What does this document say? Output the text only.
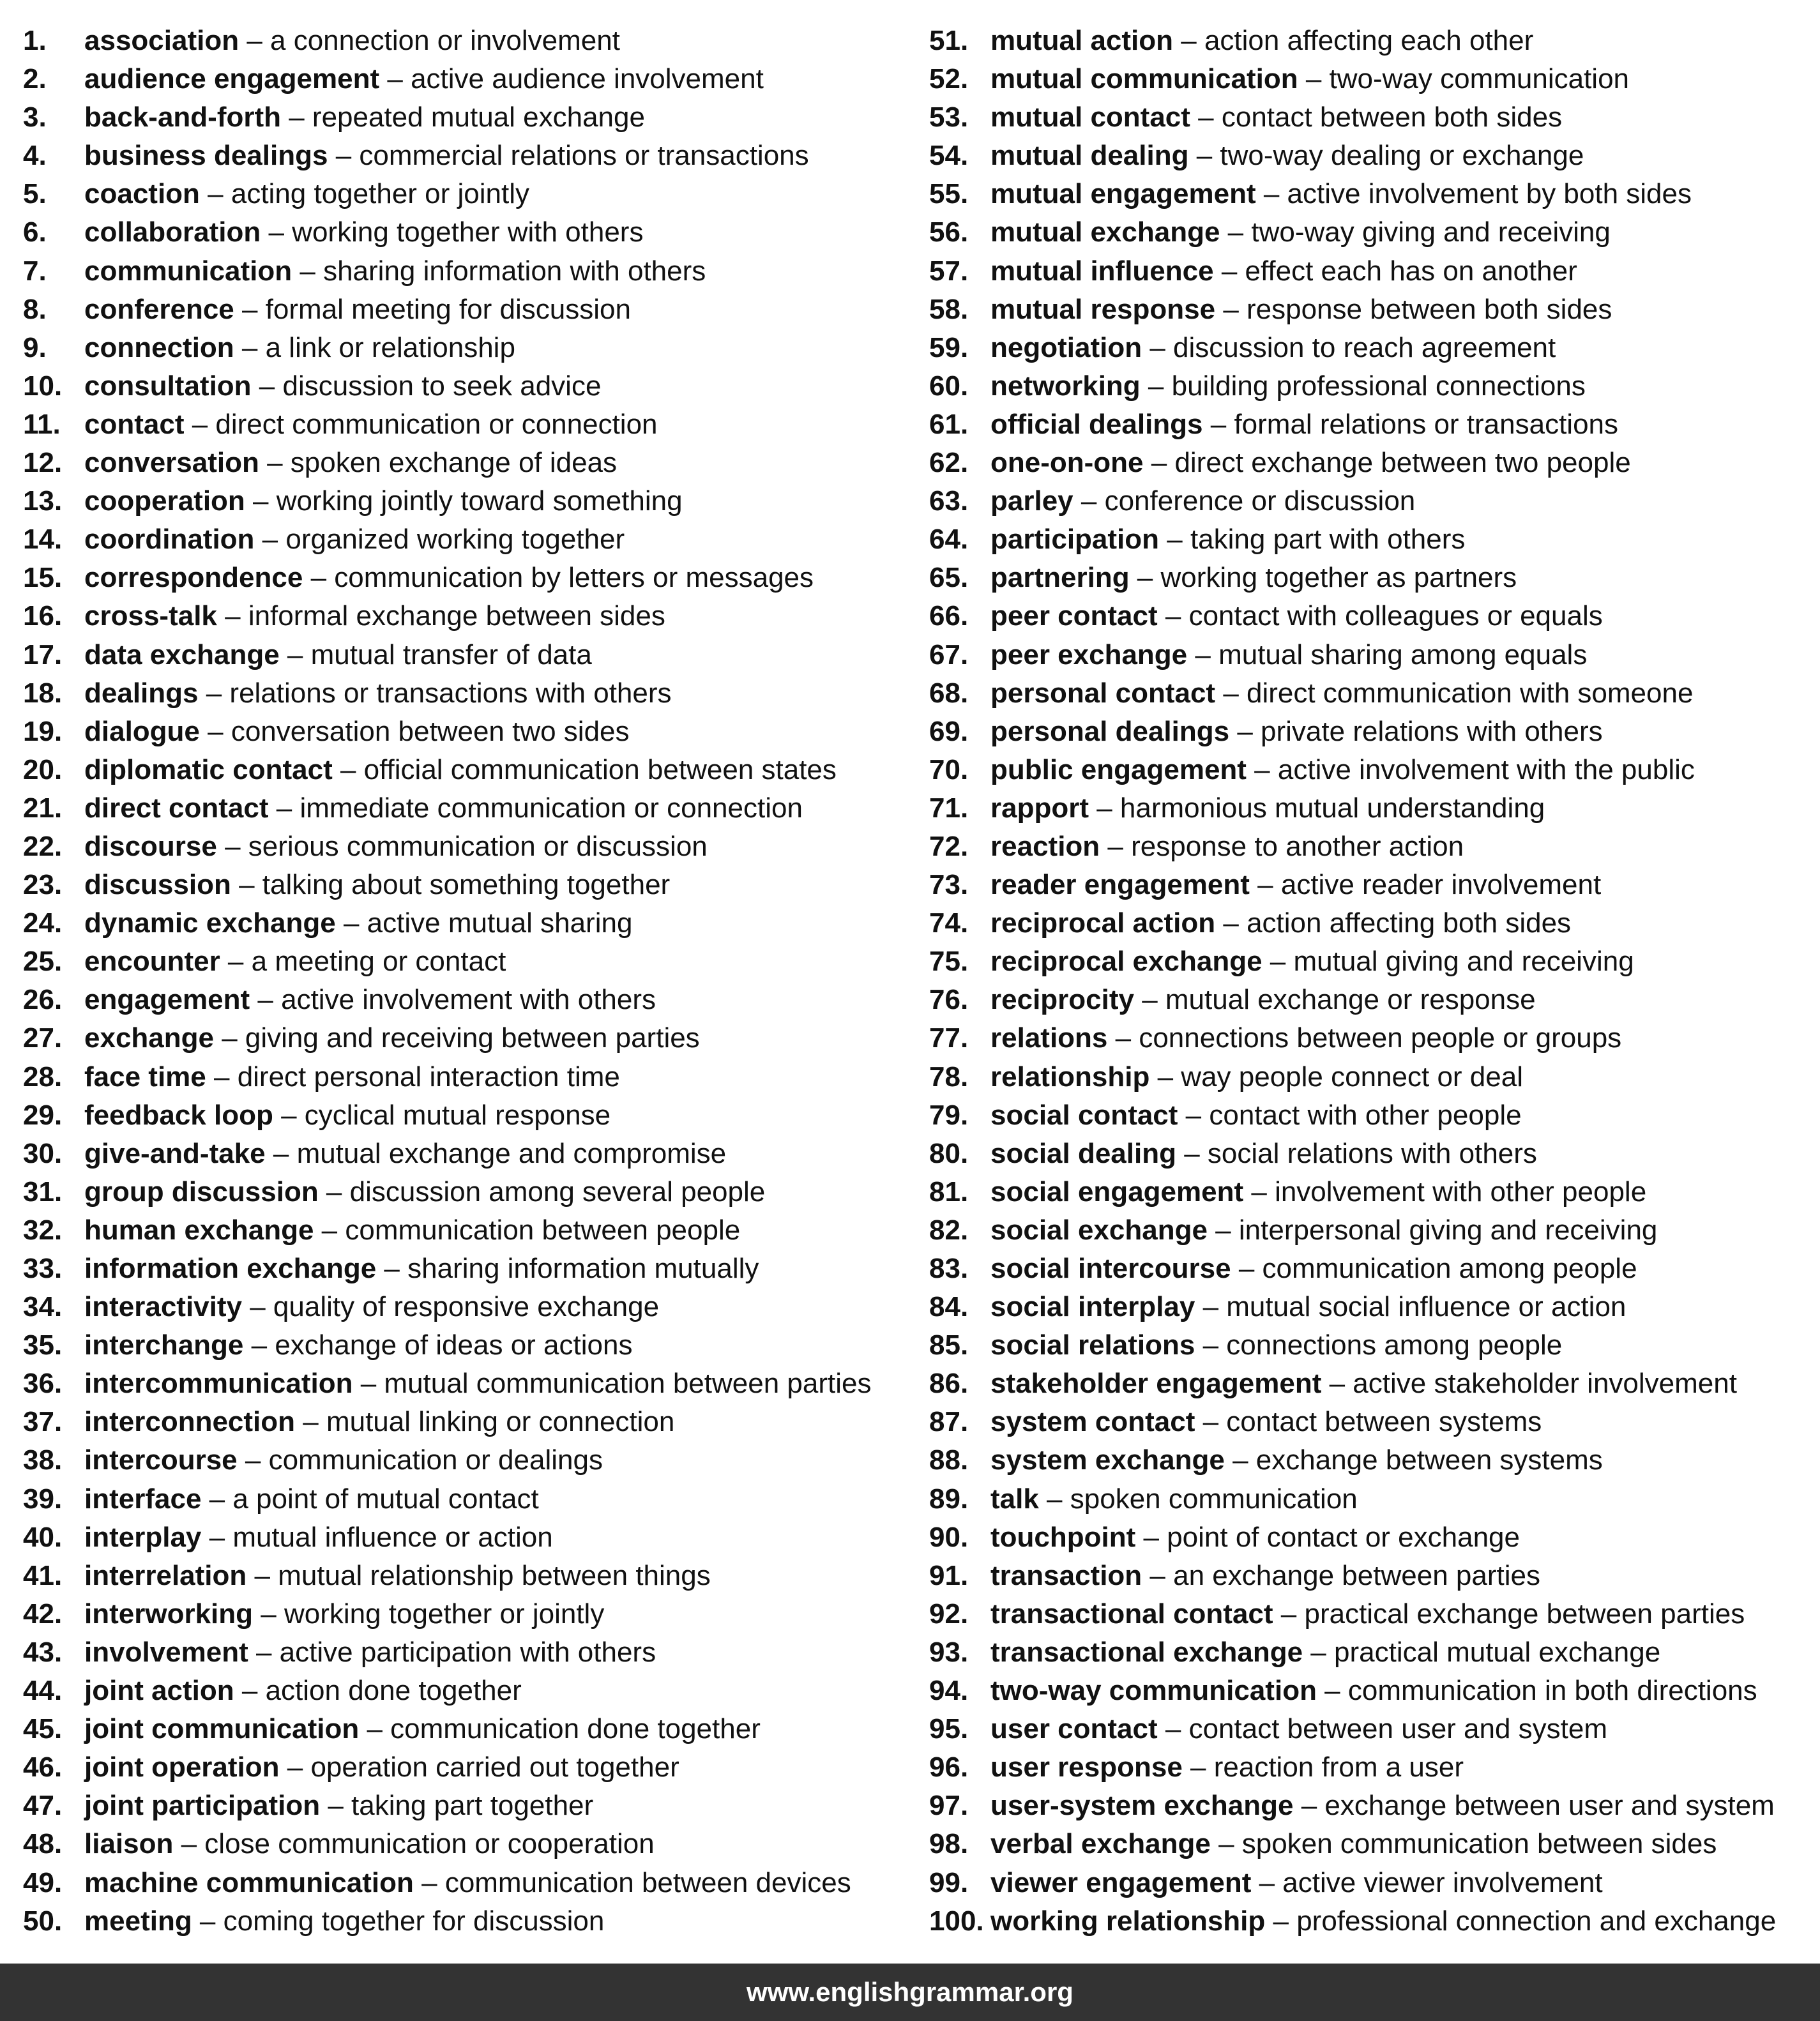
1. association – a connection or involvement
2. audience engagement – active audience involvement
3. back-and-forth – repeated mutual exchange
4. business dealings – commercial relations or transactions
5. coaction – acting together or jointly
6. collaboration – working together with others
7. communication – sharing information with others
8. conference – formal meeting for discussion
9. connection – a link or relationship
10. consultation – discussion to seek advice
11. contact – direct communication or connection
12. conversation – spoken exchange of ideas
13. cooperation – working jointly toward something
14. coordination – organized working together
15. correspondence – communication by letters or messages
16. cross-talk – informal exchange between sides
17. data exchange – mutual transfer of data
18. dealings – relations or transactions with others
19. dialogue – conversation between two sides
20. diplomatic contact – official communication between states
21. direct contact – immediate communication or connection
22. discourse – serious communication or discussion
23. discussion – talking about something together
24. dynamic exchange – active mutual sharing
25. encounter – a meeting or contact
26. engagement – active involvement with others
27. exchange – giving and receiving between parties
28. face time – direct personal interaction time
29. feedback loop – cyclical mutual response
30. give-and-take – mutual exchange and compromise
31. group discussion – discussion among several people
32. human exchange – communication between people
33. information exchange – sharing information mutually
34. interactivity – quality of responsive exchange
35. interchange – exchange of ideas or actions
36. intercommunication – mutual communication between parties
37. interconnection – mutual linking or connection
38. intercourse – communication or dealings
39. interface – a point of mutual contact
40. interplay – mutual influence or action
41. interrelation – mutual relationship between things
42. interworking – working together or jointly
43. involvement – active participation with others
44. joint action – action done together
45. joint communication – communication done together
46. joint operation – operation carried out together
47. joint participation – taking part together
48. liaison – close communication or cooperation
49. machine communication – communication between devices
50. meeting – coming together for discussion
51. mutual action – action affecting each other
52. mutual communication – two-way communication
53. mutual contact – contact between both sides
54. mutual dealing – two-way dealing or exchange
55. mutual engagement – active involvement by both sides
56. mutual exchange – two-way giving and receiving
57. mutual influence – effect each has on another
58. mutual response – response between both sides
59. negotiation – discussion to reach agreement
60. networking – building professional connections
61. official dealings – formal relations or transactions
62. one-on-one – direct exchange between two people
63. parley – conference or discussion
64. participation – taking part with others
65. partnering – working together as partners
66. peer contact – contact with colleagues or equals
67. peer exchange – mutual sharing among equals
68. personal contact – direct communication with someone
69. personal dealings – private relations with others
70. public engagement – active involvement with the public
71. rapport – harmonious mutual understanding
72. reaction – response to another action
73. reader engagement – active reader involvement
74. reciprocal action – action affecting both sides
75. reciprocal exchange – mutual giving and receiving
76. reciprocity – mutual exchange or response
77. relations – connections between people or groups
78. relationship – way people connect or deal
79. social contact – contact with other people
80. social dealing – social relations with others
81. social engagement – involvement with other people
82. social exchange – interpersonal giving and receiving
83. social intercourse – communication among people
84. social interplay – mutual social influence or action
85. social relations – connections among people
86. stakeholder engagement – active stakeholder involvement
87. system contact – contact between systems
88. system exchange – exchange between systems
89. talk – spoken communication
90. touchpoint – point of contact or exchange
91. transaction – an exchange between parties
92. transactional contact – practical exchange between parties
93. transactional exchange – practical mutual exchange
94. two-way communication – communication in both directions
95. user contact – contact between user and system
96. user response – reaction from a user
97. user-system exchange – exchange between user and system
98. verbal exchange – spoken communication between sides
99. viewer engagement – active viewer involvement
100. working relationship – professional connection and exchange
www.englishgrammar.org
